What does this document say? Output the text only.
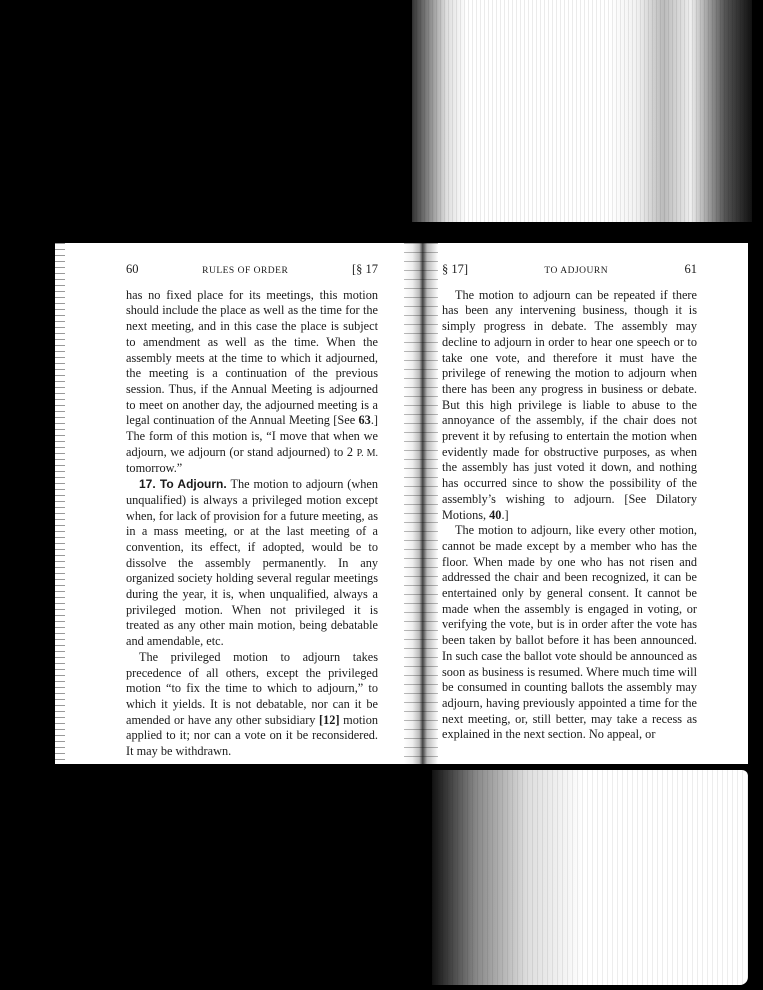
60	RULES OF ORDER	[§ 17

has no fixed place for its meetings, this motion should include the place as well as the time for the next meeting, and in this case the place is subject to amendment as well as the time. When the assembly meets at the time to which it adjourned, the meeting is a continuation of the previous session. Thus, if the Annual Meeting is adjourned to meet on another day, the adjourned meeting is a legal continuation of the Annual Meeting [See 63.] The form of this motion is, “I move that when we adjourn, we adjourn (or stand adjourned) to 2 P. M. tomorrow.”

17. To Adjourn. The motion to adjourn (when unqualified) is always a privileged motion except when, for lack of provision for a future meeting, as in a mass meeting, or at the last meeting of a convention, its effect, if adopted, would be to dissolve the assembly permanently. In any organized society holding several regular meetings during the year, it is, when unqualified, always a privileged motion. When not privileged it is treated as any other main motion, being debatable and amendable, etc.

The privileged motion to adjourn takes precedence of all others, except the privileged motion “to fix the time to which to adjourn,” to which it yields. It is not debatable, nor can it be amended or have any other subsidiary [12] motion applied to it; nor can a vote on it be reconsidered. It may be withdrawn.

§ 17]	TO ADJOURN	61

The motion to adjourn can be repeated if there has been any intervening business, though it is simply progress in debate. The assembly may decline to adjourn in order to hear one speech or to take one vote, and therefore it must have the privilege of renewing the motion to adjourn when there has been any progress in business or debate. But this high privilege is liable to abuse to the annoyance of the assembly, if the chair does not prevent it by refusing to entertain the motion when evidently made for obstructive purposes, as when the assembly has just voted it down, and nothing has occurred since to show the possibility of the assembly’s wishing to adjourn. [See Dilatory Motions, 40.]

The motion to adjourn, like every other motion, cannot be made except by a member who has the floor. When made by one who has not risen and addressed the chair and been recognized, it can be entertained only by general consent. It cannot be made when the assembly is engaged in voting, or verifying the vote, but is in order after the vote has been taken by ballot before it has been announced. In such case the ballot vote should be announced as soon as business is resumed. Where much time will be consumed in counting ballots the assembly may adjourn, having previously appointed a time for the next meeting, or, still better, may take a recess as explained in the next section. No appeal, or
